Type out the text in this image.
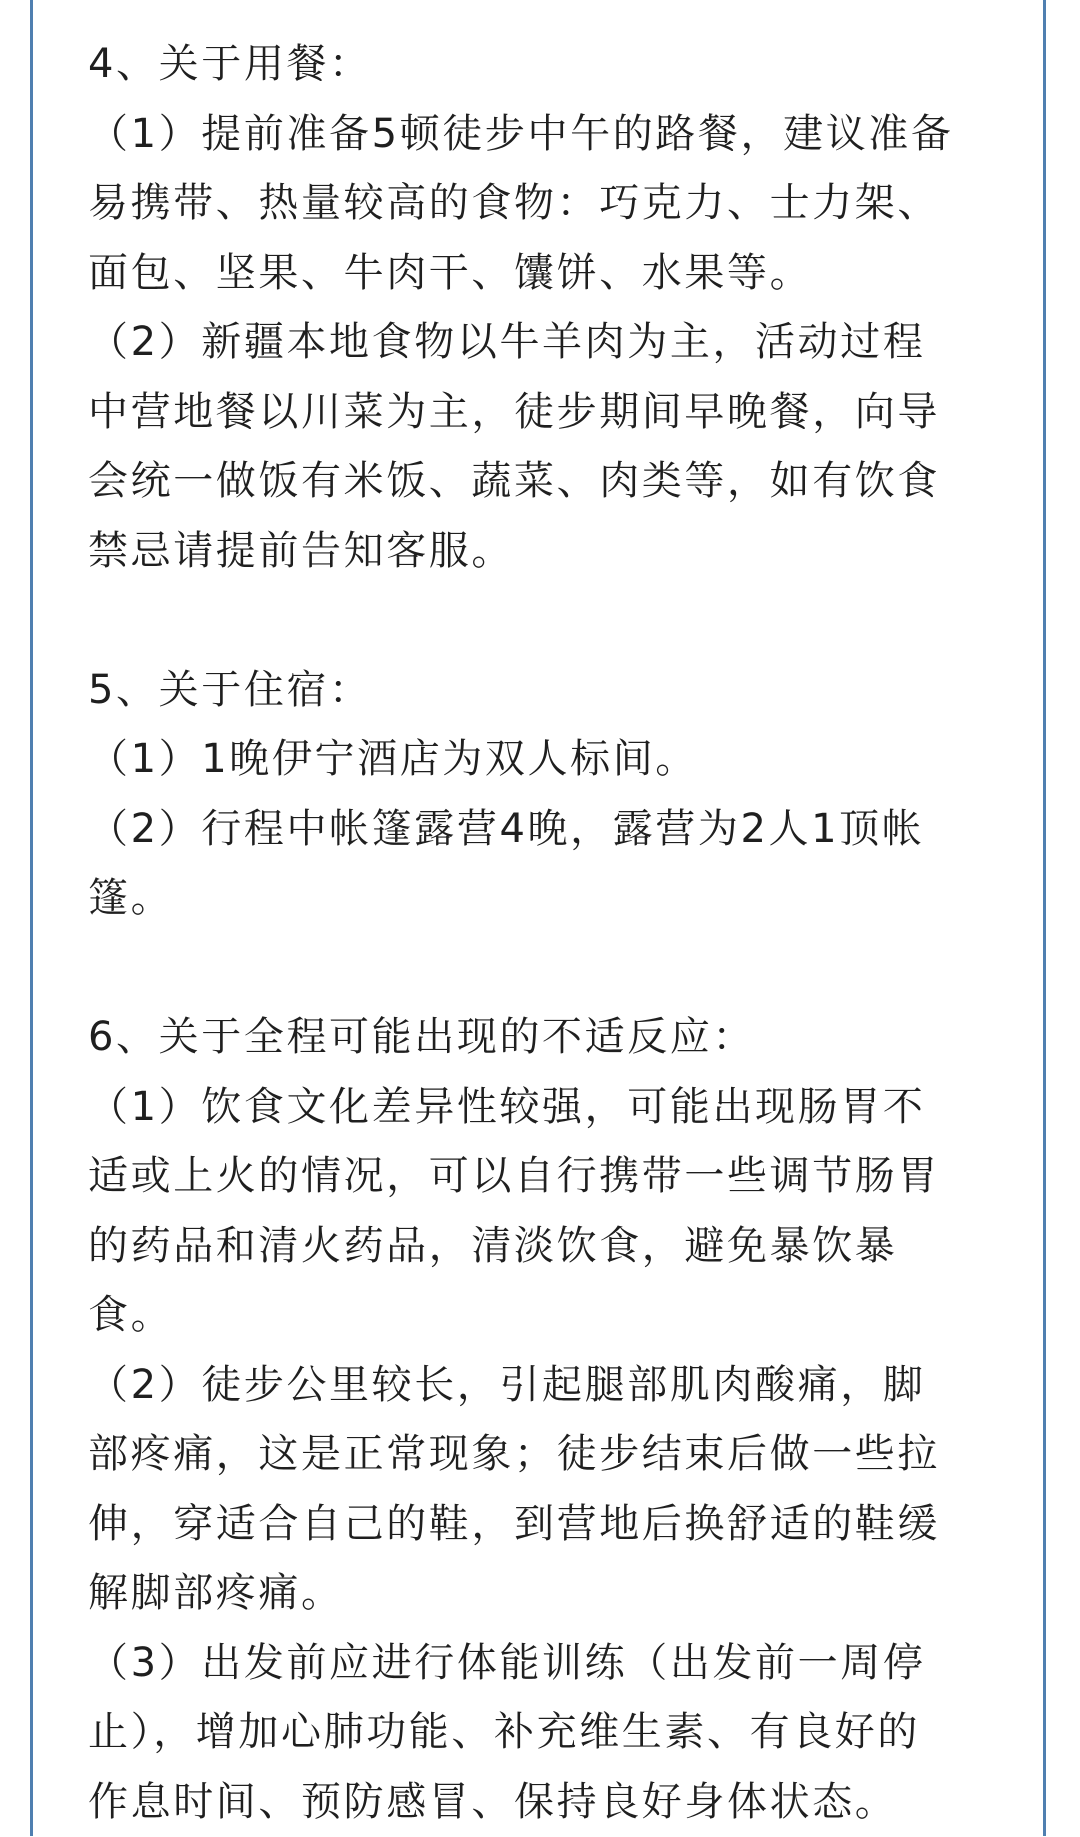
4、关于用餐：
（1）提前准备5顿徒步中午的路餐，建议准备
易携带、热量较高的食物：巧克力、士力架、
面包、坚果、牛肉干、馕饼、水果等。
（2）新疆本地食物以牛羊肉为主，活动过程
中营地餐以川菜为主，徒步期间早晚餐，向导
会统一做饭有米饭、蔬菜、肉类等，如有饮食
禁忌请提前告知客服。
5、关于住宿：
（1）1晚伊宁酒店为双人标间。
（2）行程中帐篷露营4晚，露营为2人1顶帐
篷。
6、关于全程可能出现的不适反应：
（1）饮食文化差异性较强，可能出现肠胃不
适或上火的情况，可以自行携带一些调节肠胃
的药品和清火药品，清淡饮食，避免暴饮暴
食。
（2）徒步公里较长，引起腿部肌肉酸痛，脚
部疼痛，这是正常现象；徒步结束后做一些拉
伸，穿适合自己的鞋，到营地后换舒适的鞋缓
解脚部疼痛。
（3）出发前应进行体能训练（出发前一周停
止），增加心肺功能、补充维生素、有良好的
作息时间、预防感冒、保持良好身体状态。
